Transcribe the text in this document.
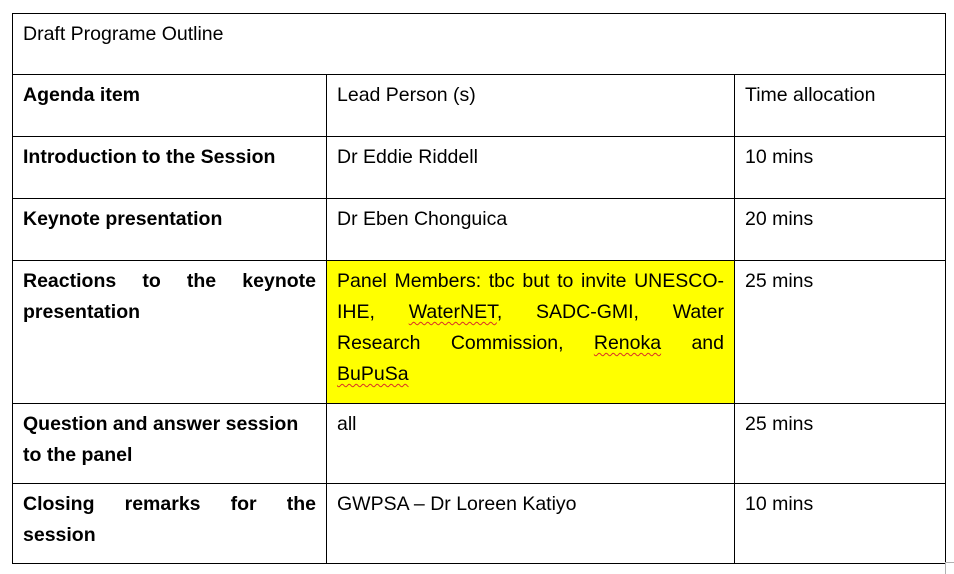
Draft Programe Outline		
Agenda item	Lead Person (s)	Time allocation
Introduction to the Session	Dr Eddie Riddell	10 mins
Keynote presentation	Dr Eben Chonguica	20 mins
Reactions to the keynote presentation	Panel Members: tbc but to invite UNESCO-IHE, WaterNET, SADC-GMI, Water Research Commission, Renoka and BuPuSa	25 mins
Question and answer session to the panel	all	25 mins
Closing remarks for the session	GWPSA – Dr Loreen Katiyo	10 mins
